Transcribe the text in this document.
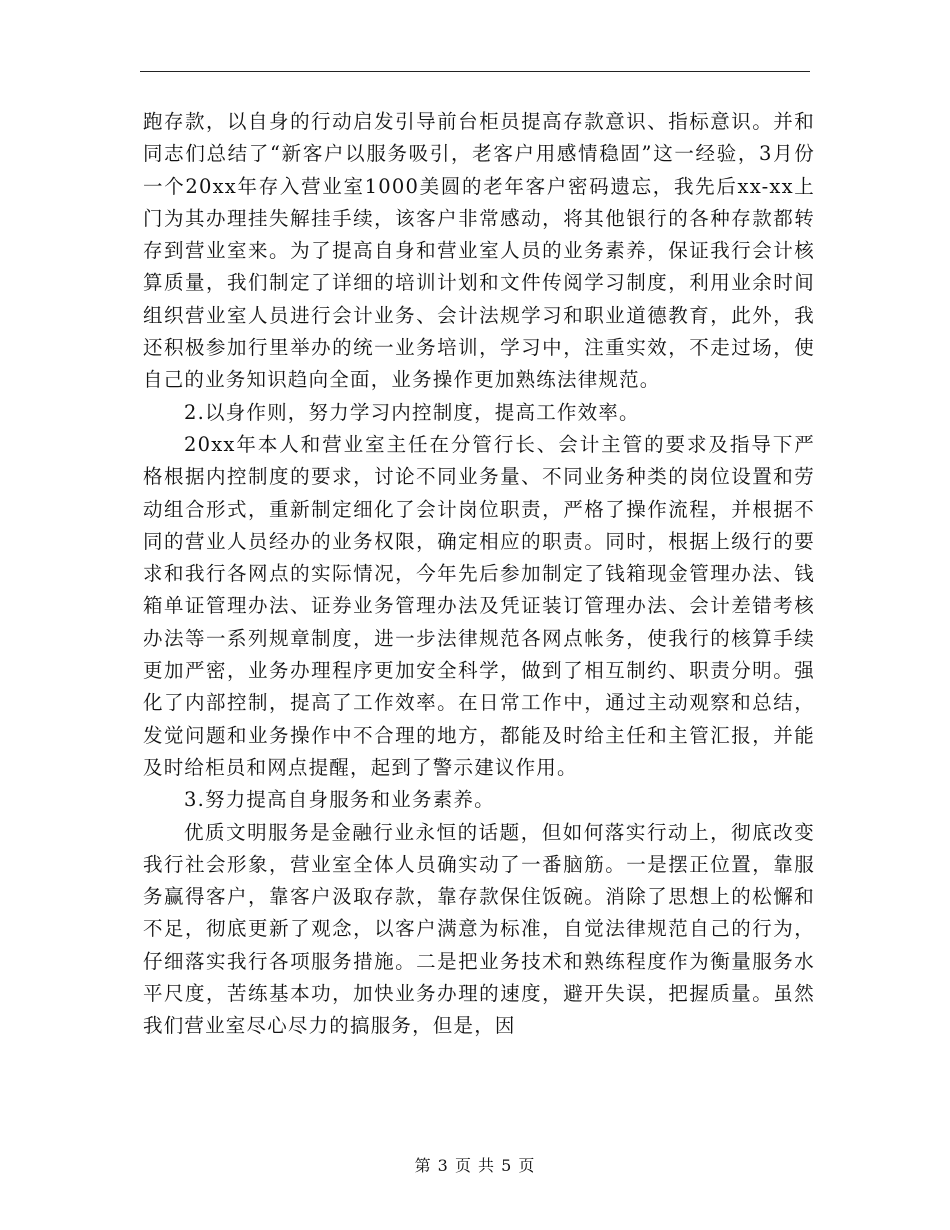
跑存款，以自身的行动启发引导前台柜员提高存款意识、指标意识。并和同志们总结了“新客户以服务吸引，老客户用感情稳固”这一经验，3月份一个20xx年存入营业室1000美圆的老年客户密码遗忘，我先后xx-xx上门为其办理挂失解挂手续，该客户非常感动，将其他银行的各种存款都转存到营业室来。为了提高自身和营业室人员的业务素养，保证我行会计核算质量，我们制定了详细的培训计划和文件传阅学习制度，利用业余时间组织营业室人员进行会计业务、会计法规学习和职业道德教育，此外，我还积极参加行里举办的统一业务培训，学习中，注重实效，不走过场，使自己的业务知识趋向全面，业务操作更加熟练法律规范。

2.以身作则，努力学习内控制度，提高工作效率。

20xx年本人和营业室主任在分管行长、会计主管的要求及指导下严格根据内控制度的要求，讨论不同业务量、不同业务种类的岗位设置和劳动组合形式，重新制定细化了会计岗位职责，严格了操作流程，并根据不同的营业人员经办的业务权限，确定相应的职责。同时，根据上级行的要求和我行各网点的实际情况，今年先后参加制定了钱箱现金管理办法、钱箱单证管理办法、证券业务管理办法及凭证装订管理办法、会计差错考核办法等一系列规章制度，进一步法律规范各网点帐务，使我行的核算手续更加严密，业务办理程序更加安全科学，做到了相互制约、职责分明。强化了内部控制，提高了工作效率。在日常工作中，通过主动观察和总结，发觉问题和业务操作中不合理的地方，都能及时给主任和主管汇报，并能及时给柜员和网点提醒，起到了警示建议作用。

3.努力提高自身服务和业务素养。

优质文明服务是金融行业永恒的话题，但如何落实行动上，彻底改变我行社会形象，营业室全体人员确实动了一番脑筋。一是摆正位置，靠服务赢得客户，靠客户汲取存款，靠存款保住饭碗。消除了思想上的松懈和不足，彻底更新了观念，以客户满意为标准，自觉法律规范自己的行为，仔细落实我行各项服务措施。二是把业务技术和熟练程度作为衡量服务水平尺度，苦练基本功，加快业务办理的速度，避开失误，把握质量。虽然我们营业室尽心尽力的搞服务，但是，因

第 3 页 共 5 页
